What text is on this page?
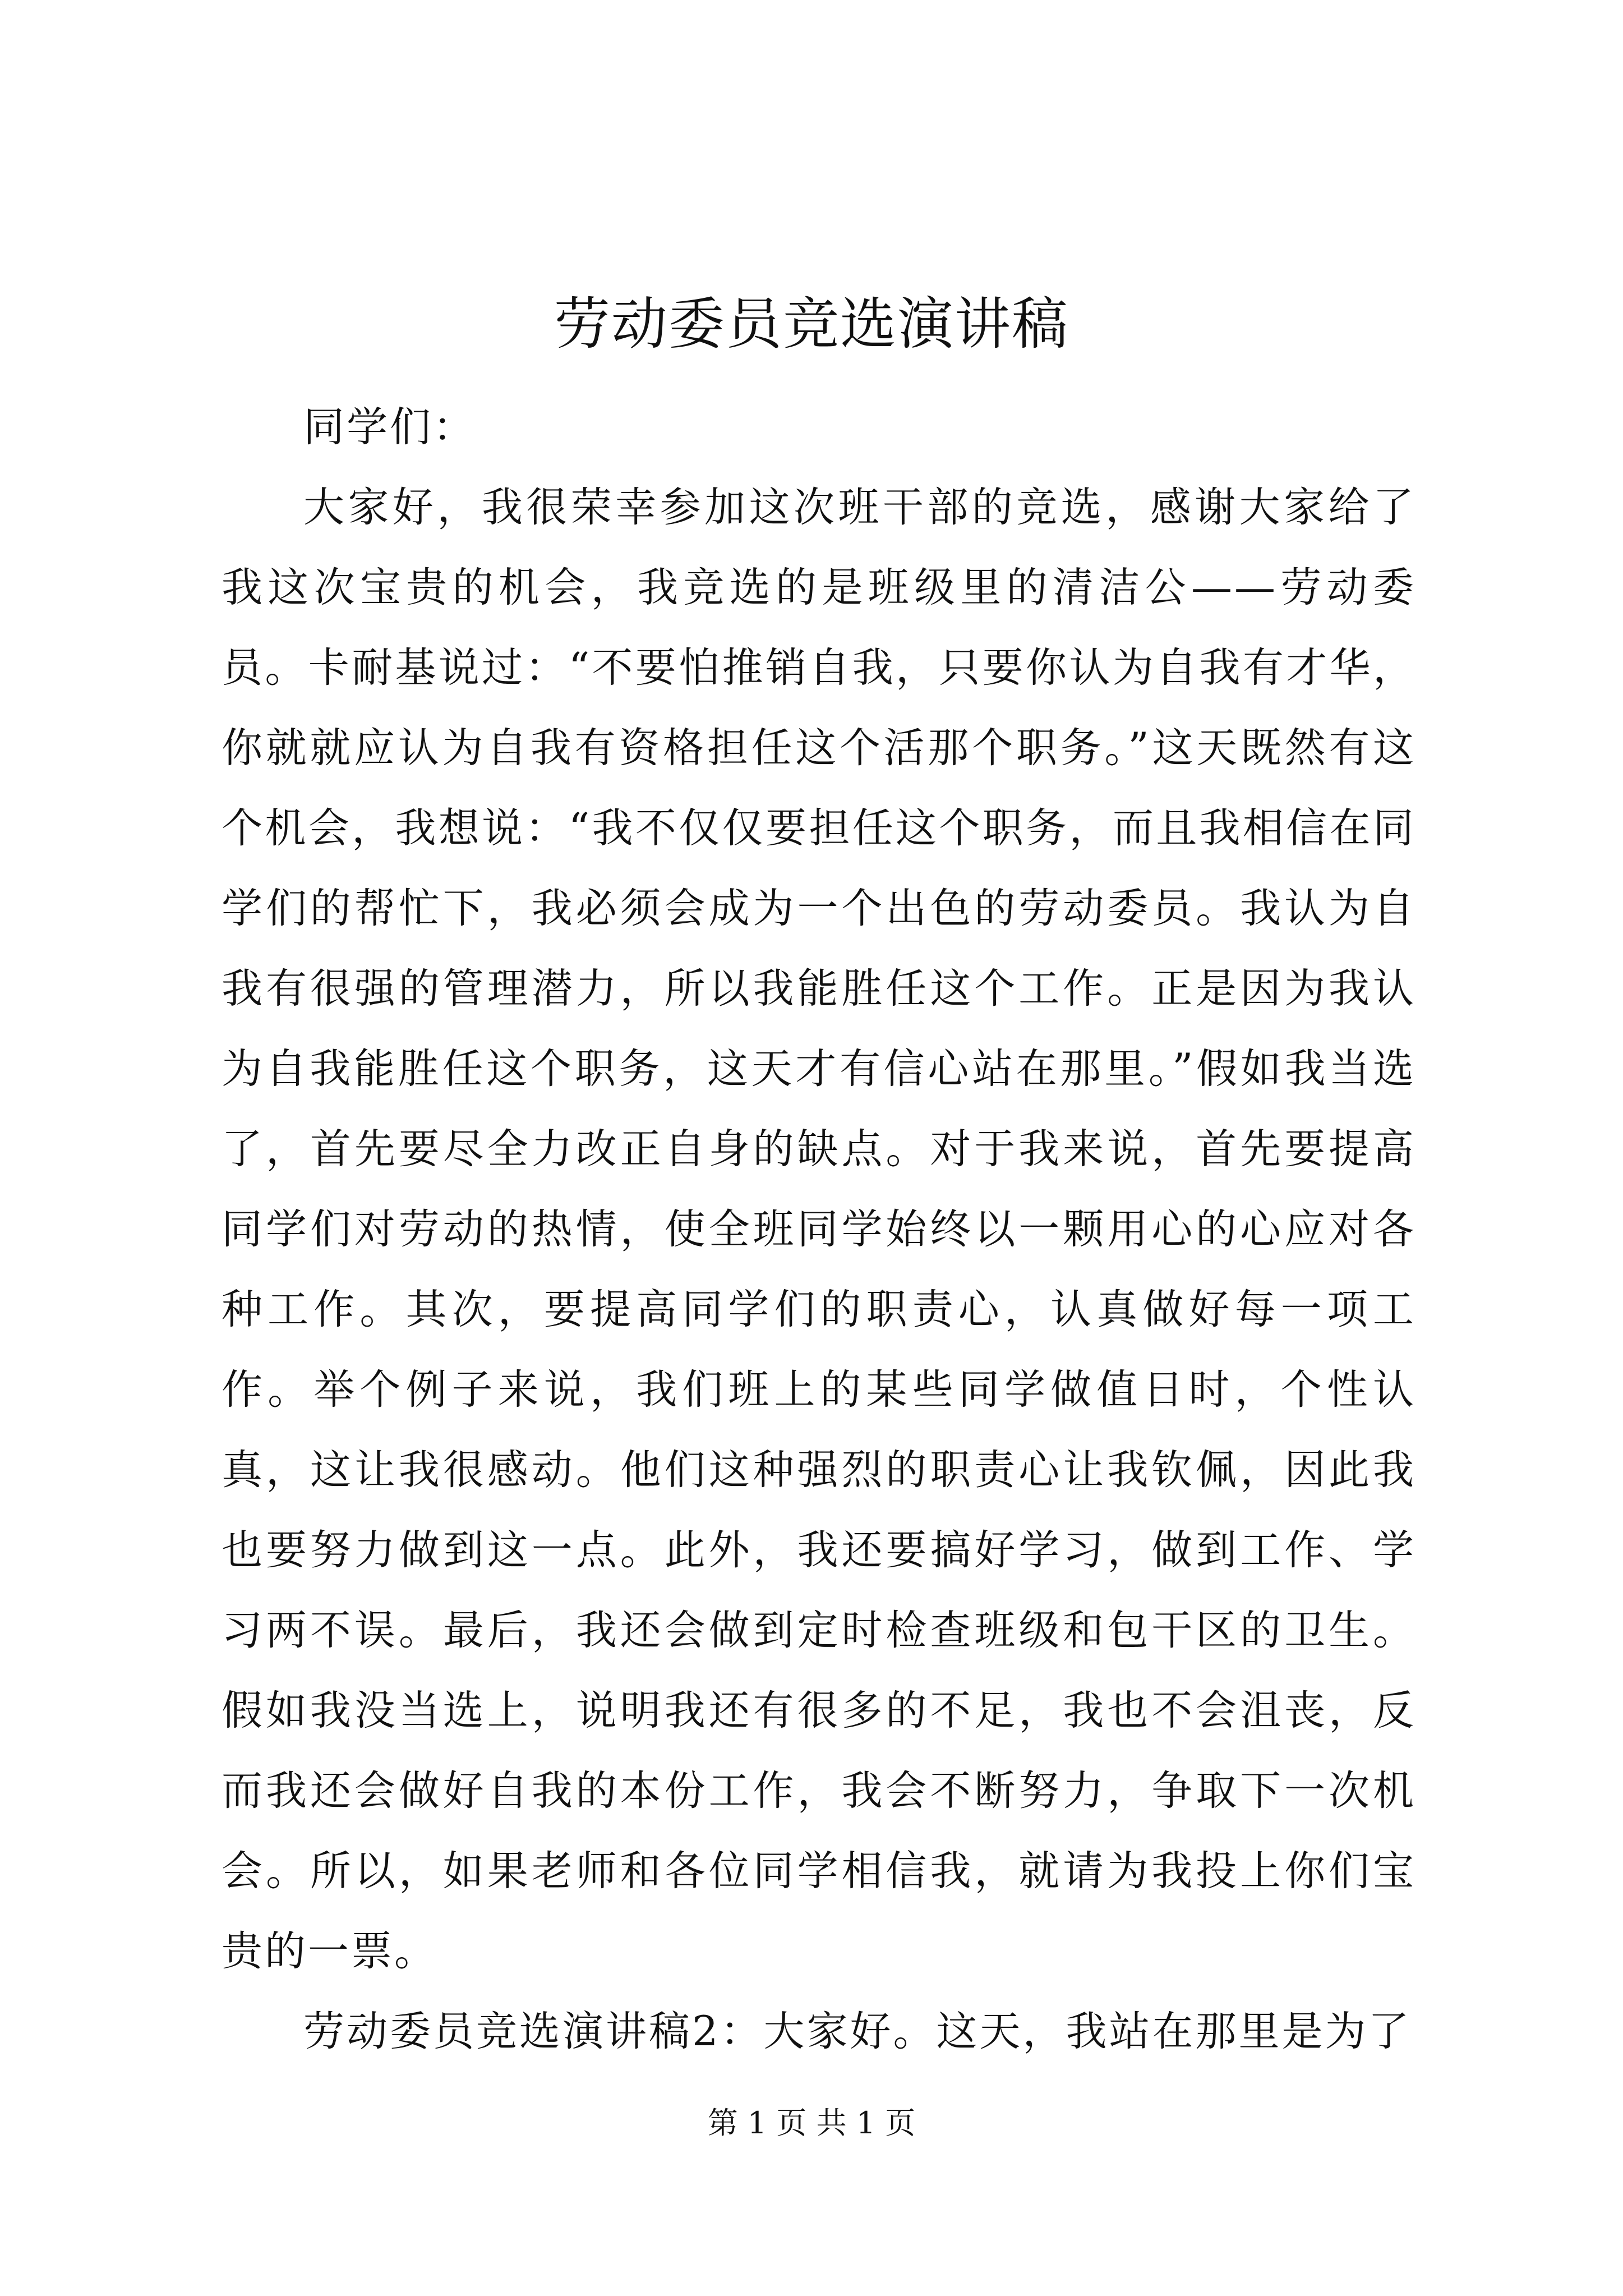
劳动委员竞选演讲稿

同学们：

大家好，我很荣幸参加这次班干部的竞选，感谢大家给了我这次宝贵的机会，我竞选的是班级里的清洁公——劳动委员。卡耐基说过：“不要怕推销自我，只要你认为自我有才华，你就就应认为自我有资格担任这个活那个职务。”这天既然有这个机会，我想说：“我不仅仅要担任这个职务，而且我相信在同学们的帮忙下，我必须会成为一个出色的劳动委员。我认为自我有很强的管理潜力，所以我能胜任这个工作。正是因为我认为自我能胜任这个职务，这天才有信心站在那里。”假如我当选了，首先要尽全力改正自身的缺点。对于我来说，首先要提高同学们对劳动的热情，使全班同学始终以一颗用心的心应对各种工作。其次，要提高同学们的职责心，认真做好每一项工作。举个例子来说，我们班上的某些同学做值日时，个性认真，这让我很感动。他们这种强烈的职责心让我钦佩，因此我也要努力做到这一点。此外，我还要搞好学习，做到工作、学习两不误。最后，我还会做到定时检查班级和包干区的卫生。假如我没当选上，说明我还有很多的不足，我也不会沮丧，反而我还会做好自我的本份工作，我会不断努力，争取下一次机会。所以，如果老师和各位同学相信我，就请为我投上你们宝贵的一票。

劳动委员竞选演讲稿2：大家好。这天，我站在那里是为了

第 1 页 共 1 页
